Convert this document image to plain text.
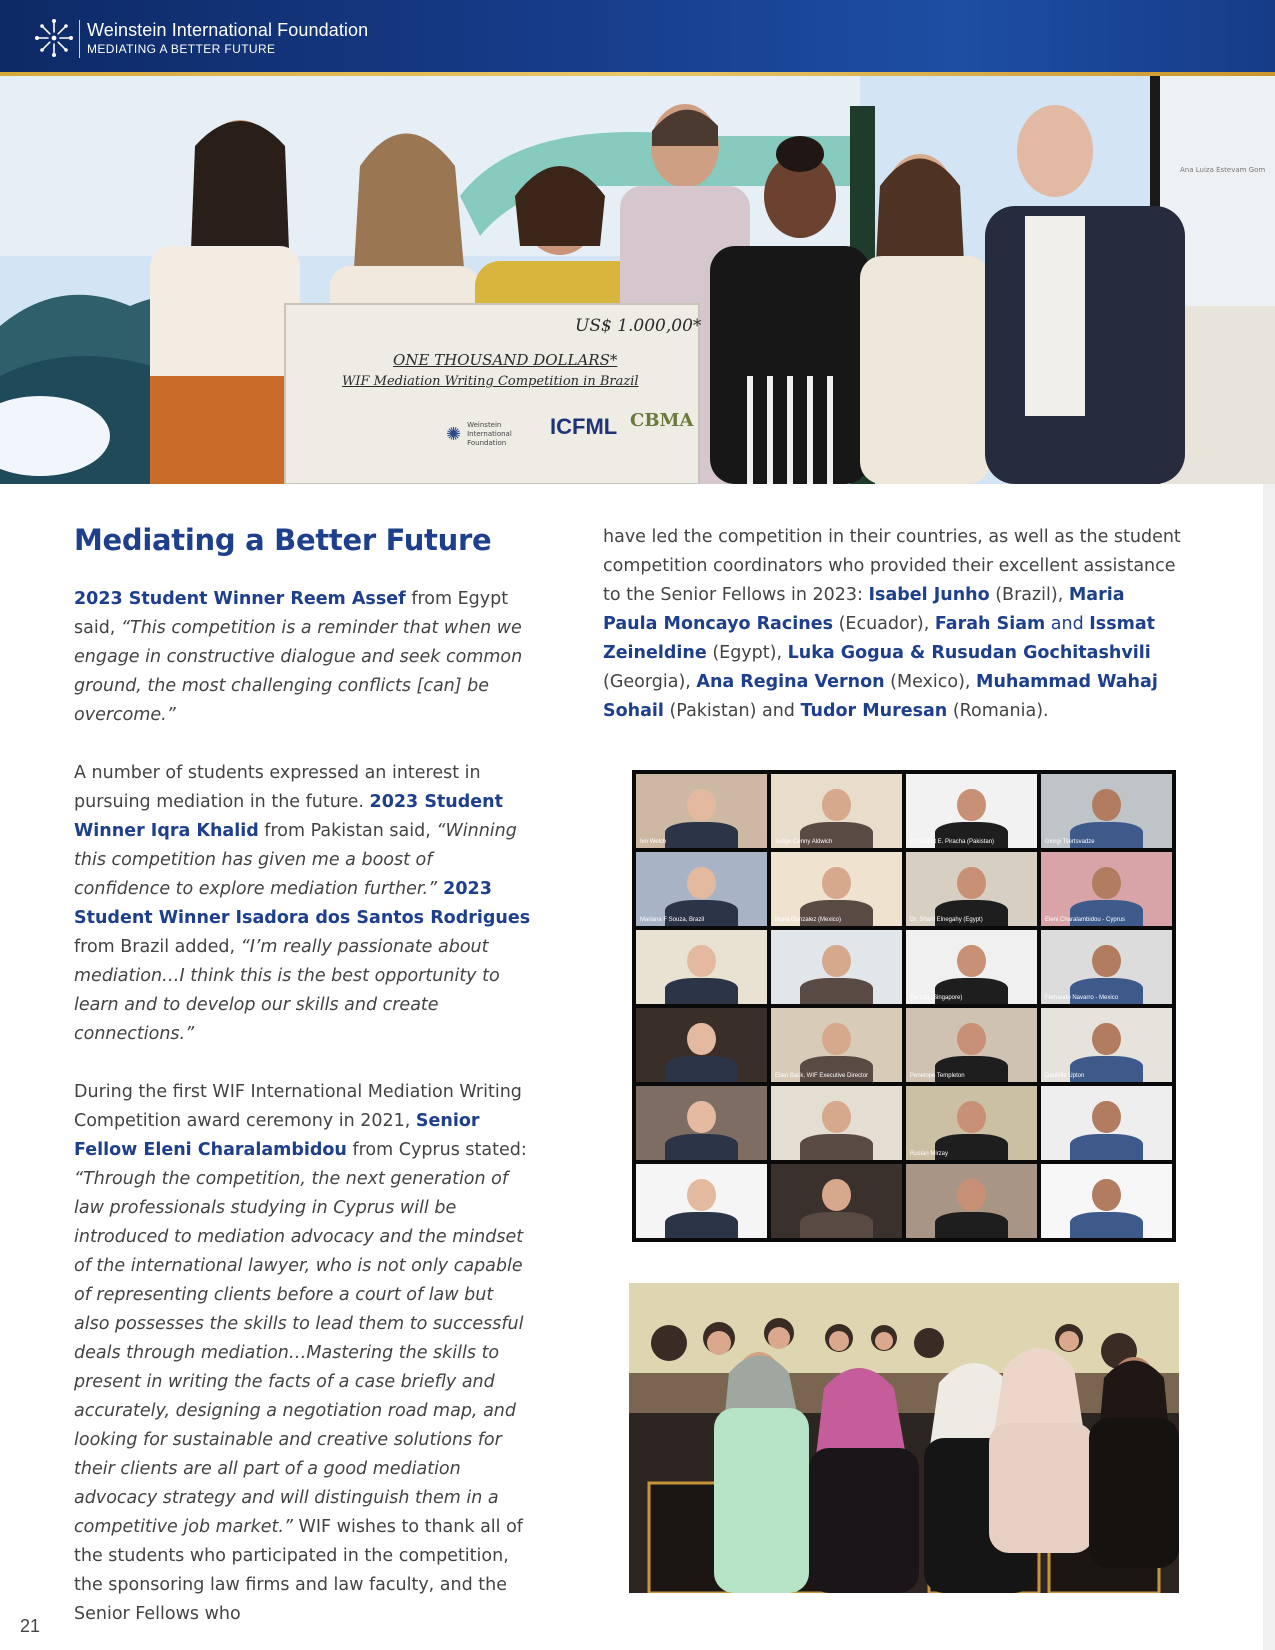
Weinstein International Foundation
MEDIATING A BETTER FUTURE
US$ 1.000,00*
ONE THOUSAND DOLLARS*
WIF Mediation Writing Competition in Brazil
✺ Weinstein International Foundation
ICFML CBMA
Ana Luiza Estevam Gom
Mediating a Better Future

2023 Student Winner Reem Assef from Egypt said, “This competition is a reminder that when we engage in constructive dialogue and seek common ground, the most challenging conflicts [can] be overcome.”

A number of students expressed an interest in pursuing mediation in the future. 2023 Student Winner Iqra Khalid from Pakistan said, “Winning this competition has given me a boost of confidence to explore mediation further.” 2023 Student Winner Isadora dos Santos Rodrigues from Brazil added, “I’m really passionate about mediation…I think this is the best opportunity to learn and to develop our skills and create connections.”

During the first WIF International Mediation Writing Competition award ceremony in 2021, Senior Fellow Eleni Charalambidou from Cyprus stated: “Through the competition, the next generation of law professionals studying in Cyprus will be introduced to mediation advocacy and the mindset of the international lawyer, who is not only capable of representing clients before a court of law but also possesses the skills to lead them to successful deals through mediation…Mastering the skills to present in writing the facts of a case briefly and accurately, designing a negotiation road map, and looking for sustainable and creative solutions for their clients are all part of a good mediation advocacy strategy and will distinguish them in a competitive job market.” WIF wishes to thank all of the students who participated in the competition, the sponsoring law firms and law faculty, and the Senior Fellows who

have led the competition in their countries, as well as the student competition coordinators who provided their excellent assistance to the Senior Fellows in 2023: Isabel Junho (Brazil), Maria Paula Moncayo Racines (Ecuador), Farah Siam and Issmat Zeineldine (Egypt), Luka Gogua & Rusudan Gochitashvili (Georgia), Ana Regina Vernon (Mexico), Muhammad Wahaj Sohail (Pakistan) and Tudor Muresan (Romania).

Ivo Welch	Judge Cenny Aldwich	Dr Nudrat E. Piracha (Pakistan)	Giorgi Tsertsvadze
Mariana F Souza, Brazil	Nuria Gonzalez (Mexico)	Dr. Sharif Elnegahy (Egypt)	Eleni Charalambidou - Cyprus
Tat Lim (Singapore)	Fernando Navarro - Mexico
Ellen Back, WIF Executive Director	Penelope Templeton	Danielle Upton
Ruslan Mirzay
21
